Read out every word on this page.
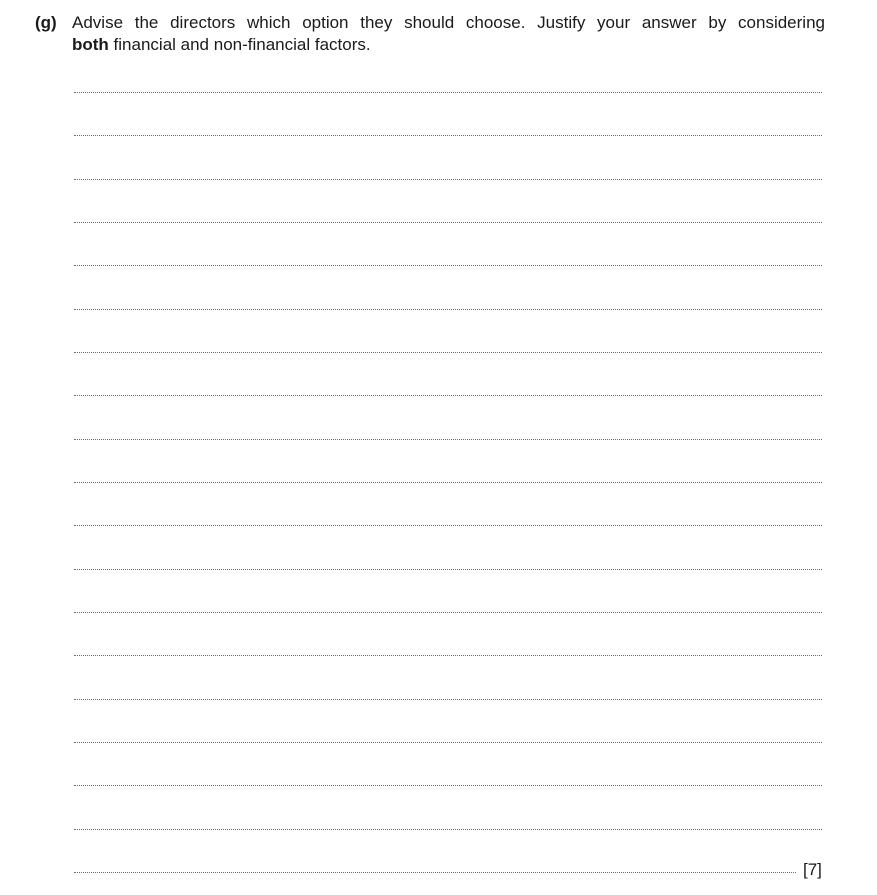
(g) Advise the directors which option they should choose. Justify your answer by considering
both financial and non-financial factors.
[7]
